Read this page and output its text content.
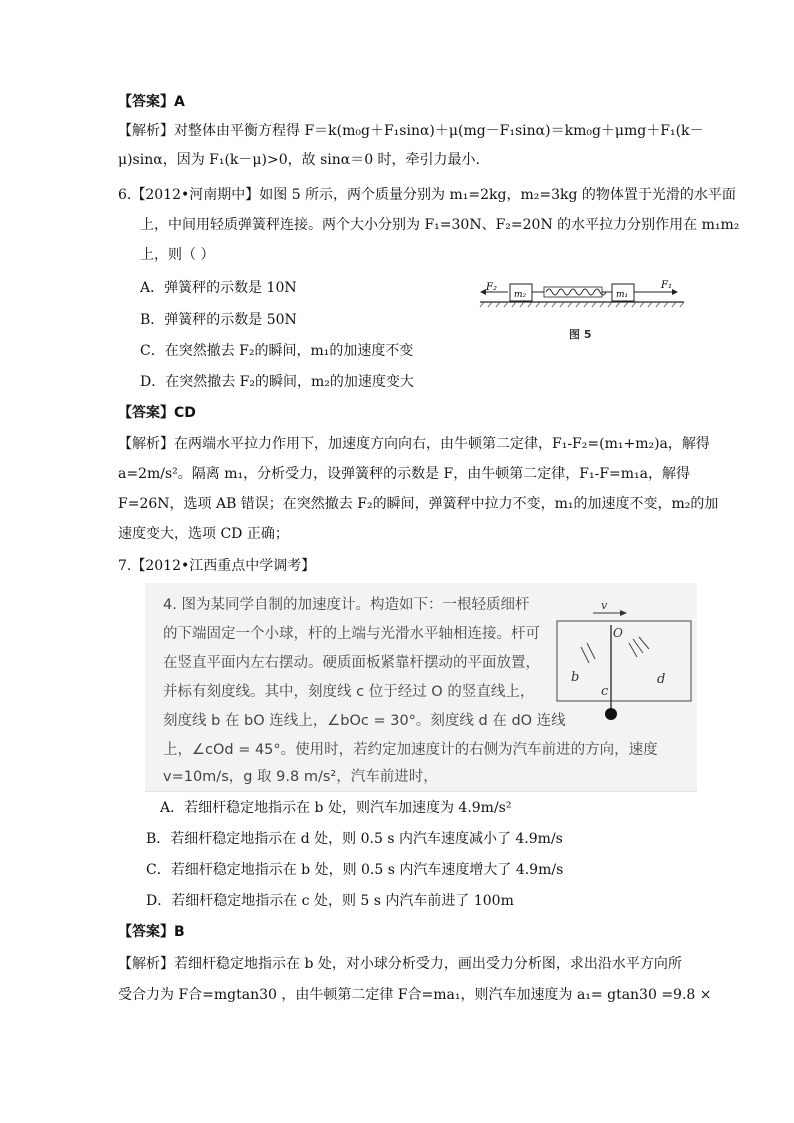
【答案】A
【解析】对整体由平衡方程得 F＝k(m₀g＋F₁sinα)＋μ(mg－F₁sinα)＝km₀g＋μmg＋F₁(k－
μ)sinα，因为 F₁(k－μ)>0，故 sinα＝0 时，牵引力最小.
6.【2012•河南期中】如图 5 所示，两个质量分别为 m₁=2kg，m₂=3kg 的物体置于光滑的水平面
上，中间用轻质弹簧秤连接。两个大小分别为 F₁=30N、F₂=20N 的水平拉力分别作用在 m₁m₂
上，则（ ）
A．弹簧秤的示数是 10N
B．弹簧秤的示数是 50N
C．在突然撤去 F₂的瞬间，m₁的加速度不变
D．在突然撤去 F₂的瞬间，m₂的加速度变大
F₂
m₂	m₁
F₁
图 5
【答案】CD
【解析】在两端水平拉力作用下，加速度方向向右，由牛顿第二定律，F₁-F₂=(m₁+m₂)a，解得
a=2m/s²。隔离 m₁，分析受力，设弹簧秤的示数是 F，由牛顿第二定律，F₁-F=m₁a，解得
F=26N，选项 AB 错误；在突然撤去 F₂的瞬间，弹簧秤中拉力不变，m₁的加速度不变，m₂的加
速度变大，选项 CD 正确；
7.【2012•江西重点中学调考】
4. 图为某同学自制的加速度计。构造如下：一根轻质细杆
的下端固定一个小球，杆的上端与光滑水平轴相连接。杆可
在竖直平面内左右摆动。硬质面板紧靠杆摆动的平面放置，
并标有刻度线。其中，刻度线 c 位于经过 O 的竖直线上，
刻度线 b 在 bO 连线上，∠bOc = 30°。刻度线 d 在 dO 连线
上，∠cOd = 45°。使用时，若约定加速度计的右侧为汽车前进的方向，速度
v=10m/s，g 取 9.8 m/s²，汽车前进时，
v
O
b
c
d
A．若细杆稳定地指示在 b 处，则汽车加速度为 4.9m/s²
B．若细杆稳定地指示在 d 处，则 0.5 s 内汽车速度减小了 4.9m/s
C．若细杆稳定地指示在 b 处，则 0.5 s 内汽车速度增大了 4.9m/s
D．若细杆稳定地指示在 c 处，则 5 s 内汽车前进了 100m
【答案】B
【解析】若细杆稳定地指示在 b 处，对小球分析受力，画出受力分析图，求出沿水平方向所
受合力为 F合=mgtan30 ，由牛顿第二定律 F合=ma₁，则汽车加速度为 a₁= gtan30 =9.8 ×
